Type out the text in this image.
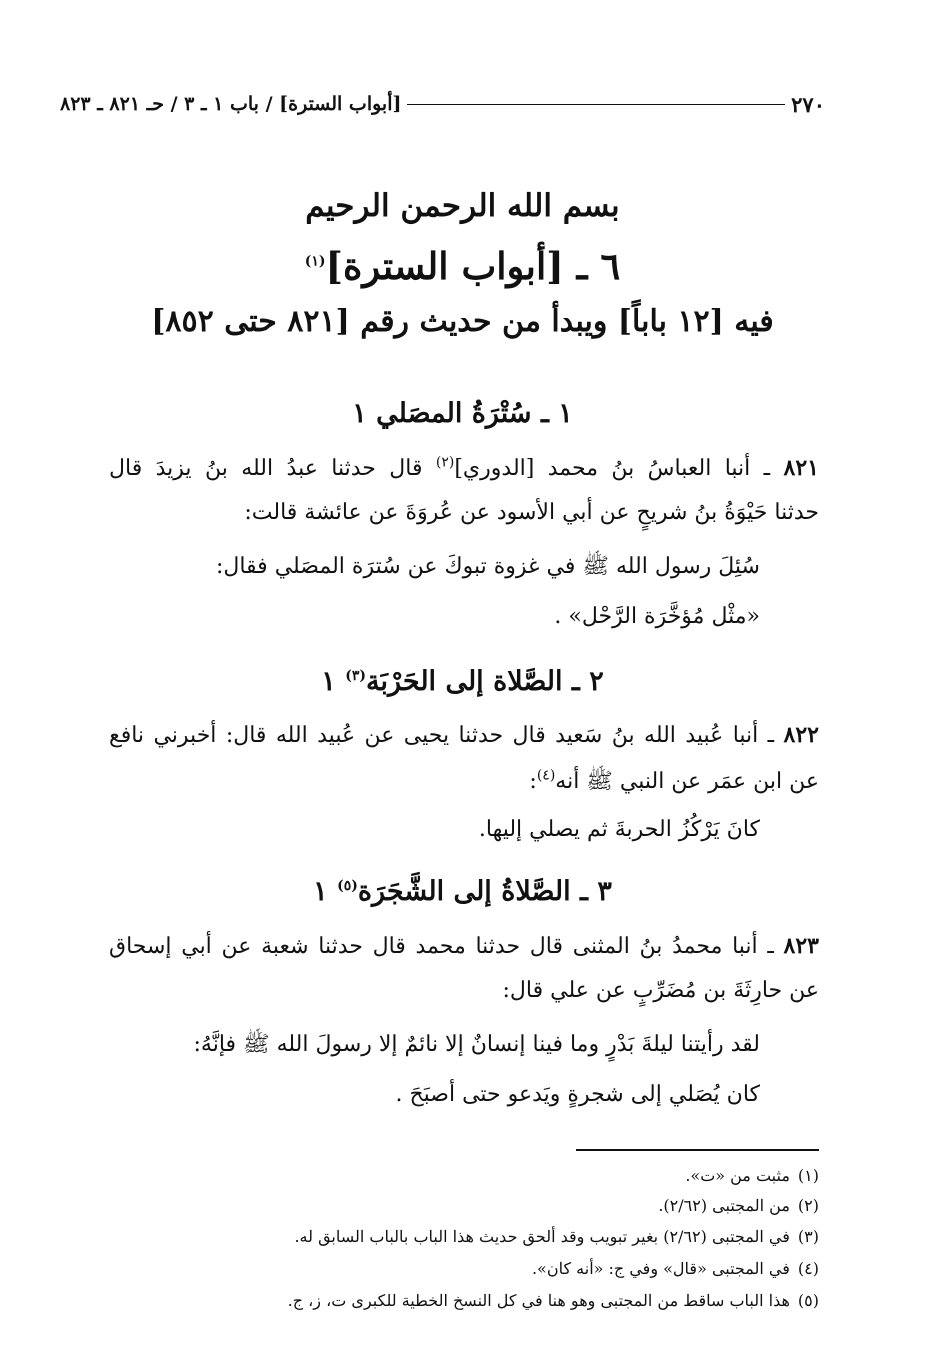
٢٧٠
[أبواب السترة] / باب ١ ـ ٣ / حـ ٨٢١ ـ ٨٢٣
بسم الله الرحمن الرحيم
٦ ـ [أبواب السترة]$^{(١)}$
فيه [١٢ باباً] ويبدأ من حديث رقم [٨٢١ حتى ٨٥٢]
١ ـ سُتْرَةُ المصَلي ١
٨٢١ ـ أنبا العباسُ بنُ محمد [الدوري]$^{(٢)}$ قال حدثنا عبدُ الله بنُ يزيدَ قال
حدثنا حَيْوَةُ بنُ شريحٍ عن أبي الأسود عن عُروَةَ عن عائشة قالت:
سُئِلَ رسول الله ﷺ في غزوة تبوكَ عن سُترَة المصَلي فقال:
«مثْل مُؤخَّرَة الرَّحْل» .
٢ ـ الصَّلاة إلى الحَرْبَة$^{(٣)}$ ١
٨٢٢ ـ أنبا عُبيد الله بنُ سَعيد قال حدثنا يحيى عن عُبيد الله قال: أخبرني نافع
عن ابن عمَر عن النبي ﷺ أنه$^{(٤)}$:
كانَ يَرْكُزُ الحربةَ ثم يصلي إليها.
٣ ـ الصَّلاةُ إلى الشَّجَرَة$^{(٥)}$ ١
٨٢٣ ـ أنبا محمدُ بنُ المثنى قال حدثنا محمد قال حدثنا شعبة عن أبي إسحاق
عن حارِثَةَ بن مُضَرِّبٍ عن علي قال:
لقد رأيتنا ليلةَ بَدْرٍ وما فينا إنسانٌ إلا نائمٌ إلا رسولَ الله ﷺ فإنَّهُ:
كان يُصَلي إلى شجرةٍ ويَدعو حتى أصبَحَ .
(١)مثبت من «ت».
(٢)من المجتبى (٢/٦٢).
(٣)في المجتبى (٢/٦٢) بغير تبويب وقد ألحق حديث هذا الباب بالباب السابق له.
(٤)في المجتبى «قال» وفي ج: «أنه كان».
(٥)هذا الباب ساقط من المجتبى وهو هنا في كل النسخ الخطية للكبرى ت، ز، ج.
